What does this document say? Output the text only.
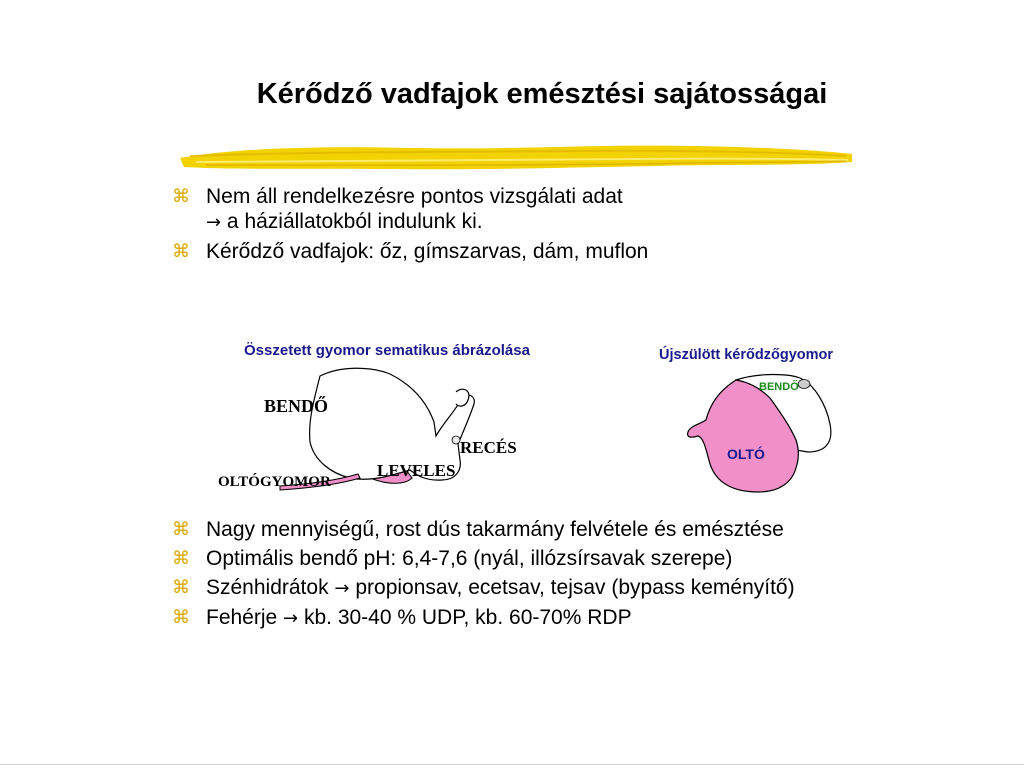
Kérődző vadfajok emésztési sajátosságai
⌘ Nem áll rendelkezésre pontos vizsgálati adat
→ a háziállatokból indulunk ki.
⌘ Kérődző vadfajok: őz, gímszarvas, dám, muflon
Összetett gyomor sematikus ábrázolása
BENDŐ
RECÉS
LEVELES
OLTÓGYOMOR
Újszülött kérődzőgyomor
BENDŐ
OLTÓ
⌘ Nagy mennyiségű, rost dús takarmány felvétele és emésztése
⌘ Optimális bendő pH: 6,4-7,6 (nyál, illózsírsavak szerepe)
⌘ Szénhidrátok → propionsav, ecetsav, tejsav (bypass keményítő)
⌘ Fehérje → kb. 30-40 % UDP, kb. 60-70% RDP
